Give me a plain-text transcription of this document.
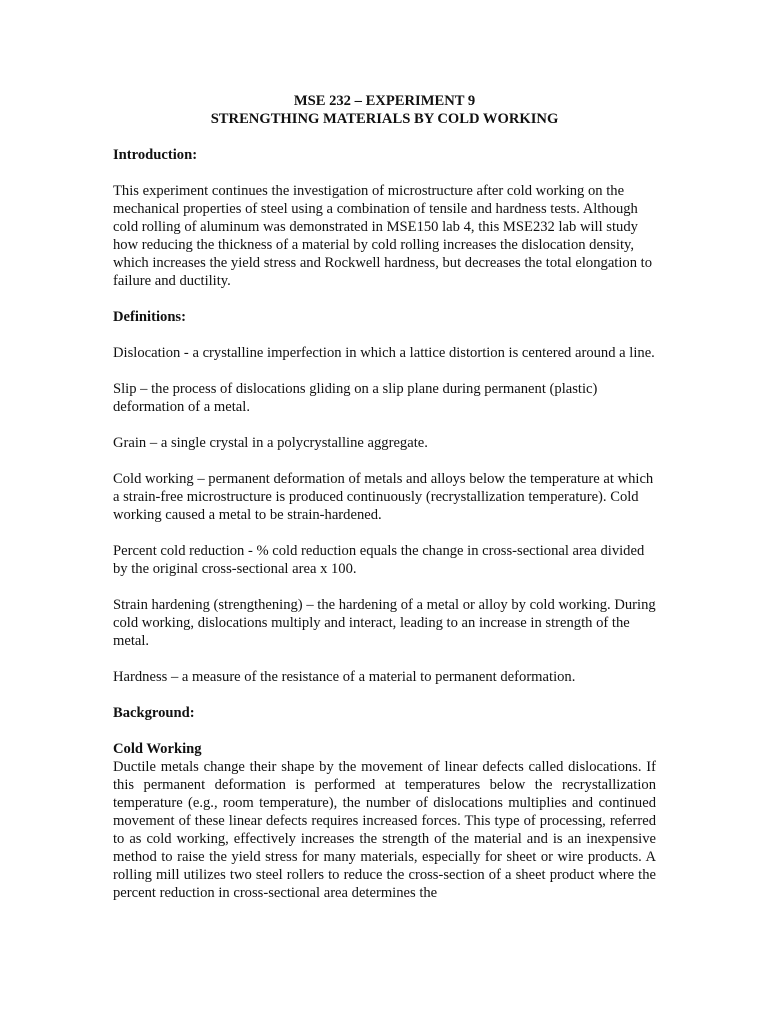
MSE 232 – EXPERIMENT 9

STRENGTHING MATERIALS BY COLD WORKING

Introduction:

This experiment continues the investigation of microstructure after cold working on the mechanical properties of steel using a combination of tensile and hardness tests. Although cold rolling of aluminum was demonstrated in MSE150 lab 4, this MSE232 lab will study how reducing the thickness of a material by cold rolling increases the dislocation density, which increases the yield stress and Rockwell hardness, but decreases the total elongation to failure and ductility.

Definitions:

Dislocation - a crystalline imperfection in which a lattice distortion is centered around a line.

Slip – the process of dislocations gliding on a slip plane during permanent (plastic) deformation of a metal.

Grain – a single crystal in a polycrystalline aggregate.

Cold working – permanent deformation of metals and alloys below the temperature at which a strain-free microstructure is produced continuously (recrystallization temperature). Cold working caused a metal to be strain-hardened.

Percent cold reduction - % cold reduction equals the change in cross-sectional area divided by the original cross-sectional area x 100.

Strain hardening (strengthening) – the hardening of a metal or alloy by cold working. During cold working, dislocations multiply and interact, leading to an increase in strength of the metal.

Hardness – a measure of the resistance of a material to permanent deformation.

Background:

Cold Working

Ductile metals change their shape by the movement of linear defects called dislocations. If this permanent deformation is performed at temperatures below the recrystallization temperature (e.g., room temperature), the number of dislocations multiplies and continued movement of these linear defects requires increased forces. This type of processing, referred to as cold working, effectively increases the strength of the material and is an inexpensive method to raise the yield stress for many materials, especially for sheet or wire products. A rolling mill utilizes two steel rollers to reduce the cross-section of a sheet product where the percent reduction in cross-sectional area determines the
